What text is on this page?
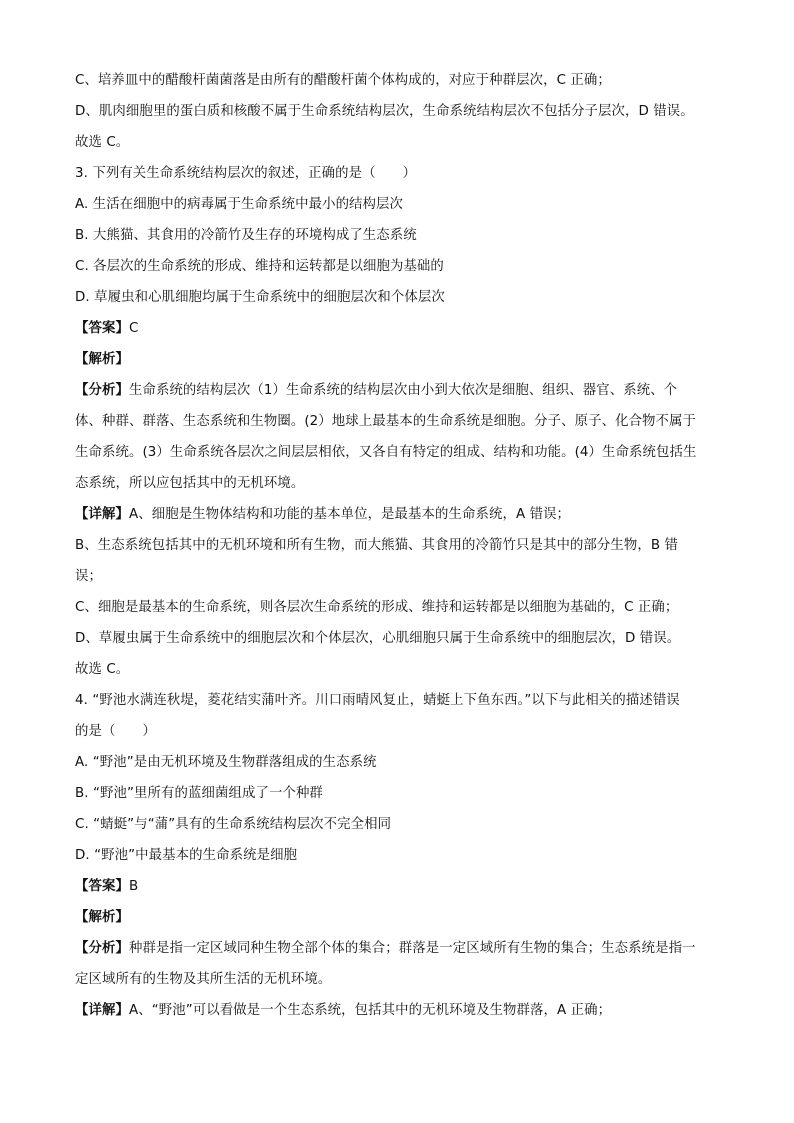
C、培养皿中的醋酸杆菌菌落是由所有的醋酸杆菌个体构成的，对应于种群层次，C 正确；
D、肌肉细胞里的蛋白质和核酸不属于生命系统结构层次，生命系统结构层次不包括分子层次，D 错误。
故选 C。
3. 下列有关生命系统结构层次的叙述，正确的是（　　）
A. 生活在细胞中的病毒属于生命系统中最小的结构层次
B. 大熊猫、其食用的冷箭竹及生存的环境构成了生态系统
C. 各层次的生命系统的形成、维持和运转都是以细胞为基础的
D. 草履虫和心肌细胞均属于生命系统中的细胞层次和个体层次
【答案】C
【解析】
【分析】生命系统的结构层次（1）生命系统的结构层次由小到大依次是细胞、组织、器官、系统、个
体、种群、群落、生态系统和生物圈。(2）地球上最基本的生命系统是细胞。分子、原子、化合物不属于
生命系统。(3）生命系统各层次之间层层相依，又各自有特定的组成、结构和功能。(4）生命系统包括生
态系统，所以应包括其中的无机环境。
【详解】A、细胞是生物体结构和功能的基本单位，是最基本的生命系统，A 错误；
B、生态系统包括其中的无机环境和所有生物，而大熊猫、其食用的冷箭竹只是其中的部分生物，B 错
误；
C、细胞是最基本的生命系统，则各层次生命系统的形成、维持和运转都是以细胞为基础的，C 正确；
D、草履虫属于生命系统中的细胞层次和个体层次，心肌细胞只属于生命系统中的细胞层次，D 错误。
故选 C。
4. “野池水满连秋堤，菱花结实蒲叶齐。川口雨晴风复止，蜻蜓上下鱼东西。”以下与此相关的描述错误
的是（　　）
A. “野池”是由无机环境及生物群落组成的生态系统
B. “野池”里所有的蓝细菌组成了一个种群
C. “蜻蜓”与“蒲”具有的生命系统结构层次不完全相同
D. “野池”中最基本的生命系统是细胞
【答案】B
【解析】
【分析】种群是指一定区域同种生物全部个体的集合；群落是一定区域所有生物的集合；生态系统是指一
定区域所有的生物及其所生活的无机环境。
【详解】A、“野池”可以看做是一个生态系统，包括其中的无机环境及生物群落，A 正确；
